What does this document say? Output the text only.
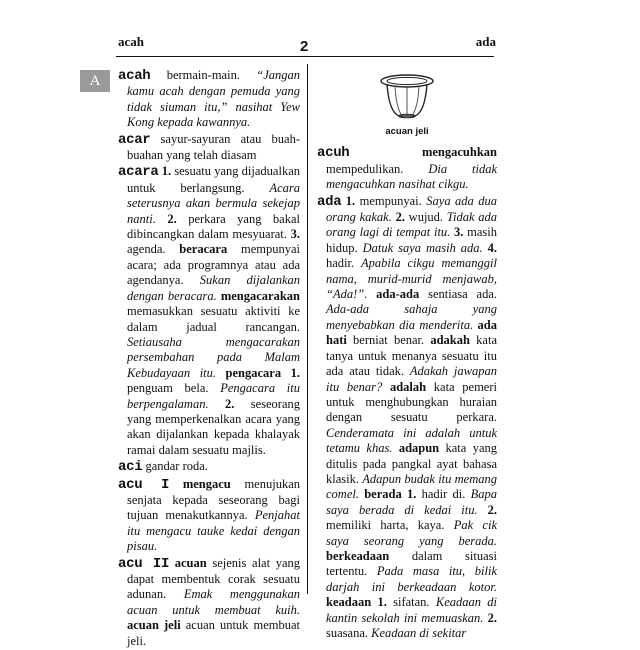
acah	2	ada
A	acah bermain-main. “Jangan kamu acah dengan pemuda yang tidak siuman itu,” nasihat Yew Kong kepada kawannya.

acar sayur-sayuran atau buah-buahan yang telah diasam

acara 1. sesuatu yang dijadualkan untuk berlangsung. Acara seterusnya akan bermula sekejap nanti. 2. perkara yang bakal dibincangkan dalam mesyuarat. 3. agenda. beracara mempunyai acara; ada programnya atau ada agendanya. Sukan dijalankan dengan beracara. mengacarakan memasukkan sesuatu aktiviti ke dalam jadual rancangan. Setiausaha mengacarakan persembahan pada Malam Kebudayaan itu. pengacara 1. penguam bela. Pengacara itu berpengalaman. 2. seseorang yang memperkenalkan acara yang akan dijalankan kepada khalayak ramai dalam sesuatu majlis.

aci gandar roda.

acu I mengacu menujukan senjata kepada seseorang bagi tujuan menakutkannya. Penjahat itu mengacu tauke kedai dengan pisau.

acu II acuan sejenis alat yang dapat membentuk corak sesuatu adunan. Emak menggunakan acuan untuk membuat kuih. acuan jeli acuan untuk membuat jeli.

acuan jeli

acuh mengacuhkan mempedulikan. Dia tidak mengacuhkan nasihat cikgu.

ada 1. mempunyai. Saya ada dua orang kakak. 2. wujud. Tidak ada orang lagi di tempat itu. 3. masih hidup. Datuk saya masih ada. 4. hadir. Apabila cikgu memanggil nama, murid-murid menjawab, “Ada!”. ada-ada sentiasa ada. Ada-ada sahaja yang menyebabkan dia menderita. ada hati berniat benar. adakah kata tanya untuk menanya sesuatu itu ada atau tidak. Adakah jawapan itu benar? adalah kata pemeri untuk menghubungkan huraian dengan sesuatu perkara. Cenderamata ini adalah untuk tetamu khas. adapun kata yang ditulis pada pangkal ayat bahasa klasik. Adapun budak itu memang comel. berada 1. hadir di. Bapa saya berada di kedai itu. 2. memiliki harta, kaya. Pak cik saya seorang yang berada. berkeadaan dalam situasi tertentu. Pada masa itu, bilik darjah ini berkeadaan kotor. keadaan 1. sifatan. Keadaan di kantin sekolah ini memuaskan. 2. suasana. Keadaan di sekitar
